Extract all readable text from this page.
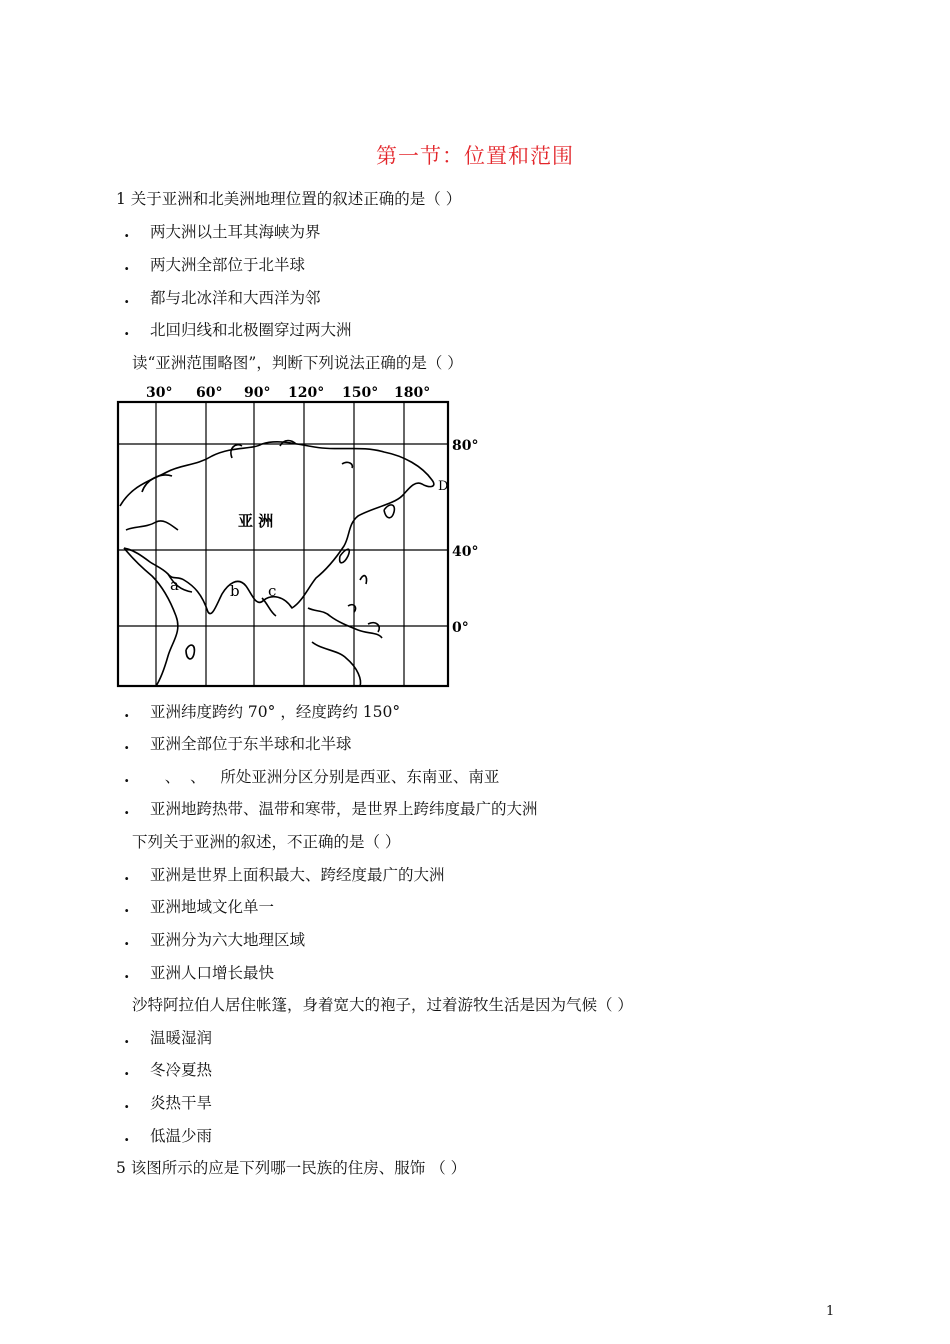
第一节：位置和范围
1 关于亚洲和北美洲地理位置的叙述正确的是（ ）
. 两大洲以土耳其海峡为界
. 两大洲全部位于北半球
. 都与北冰洋和大西洋为邻
. 北回归线和北极圈穿过两大洲
读“亚洲范围略图”，判断下列说法正确的是（ ）
30° 60° 90° 120° 150° 180°
80°
40°
0°
亚 洲
a	b c
D
. 亚洲纬度跨约 70° ，经度跨约 150°
. 亚洲全部位于东半球和北半球
.   、  、   所处亚洲分区分别是西亚、东南亚、南亚
. 亚洲地跨热带、温带和寒带，是世界上跨纬度最广的大洲
下列关于亚洲的叙述，不正确的是（ ）
. 亚洲是世界上面积最大、跨经度最广的大洲
. 亚洲地域文化单一
. 亚洲分为六大地理区域
. 亚洲人口增长最快
沙特阿拉伯人居住帐篷，身着宽大的袍子，过着游牧生活是因为气候（ ）
. 温暖湿润
. 冬冷夏热
. 炎热干旱
. 低温少雨
5 该图所示的应是下列哪一民族的住房、服饰 （ ）
1
